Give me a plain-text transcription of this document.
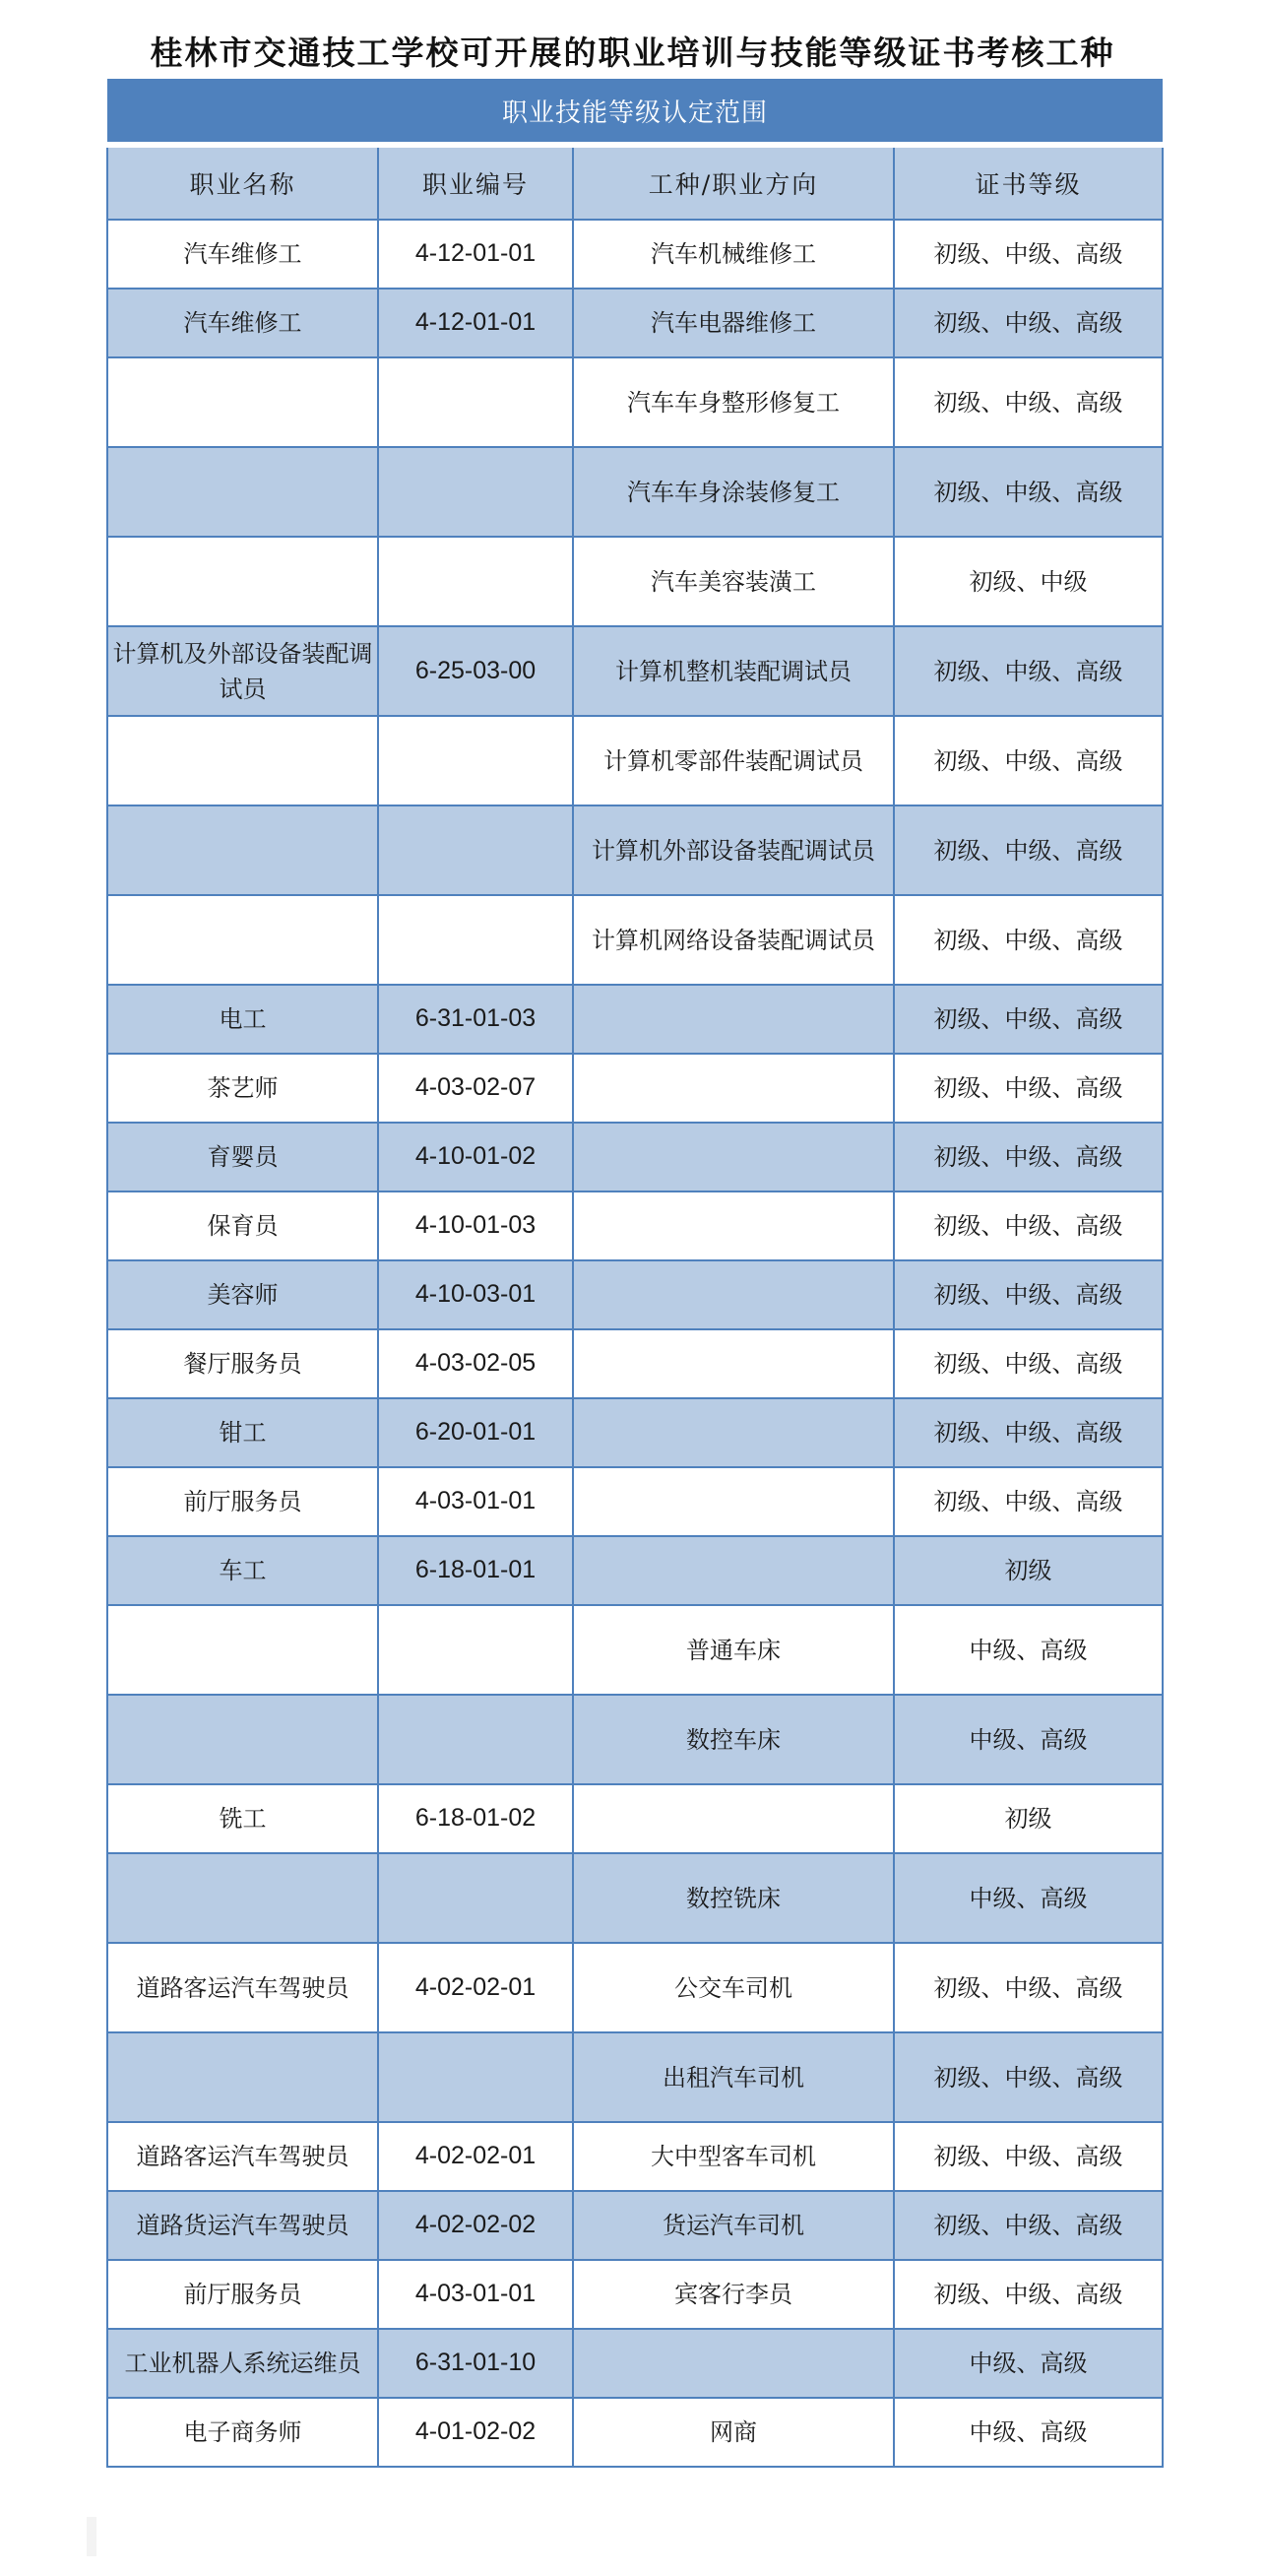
桂林市交通技工学校可开展的职业培训与技能等级证书考核工种
职业技能等级认定范围			
职业名称	职业编号	工种/职业方向	证书等级
汽车维修工	4-12-01-01	汽车机械维修工	初级、中级、高级
汽车维修工	4-12-01-01	汽车电器维修工	初级、中级、高级
		汽车车身整形修复工	初级、中级、高级
		汽车车身涂装修复工	初级、中级、高级
		汽车美容装潢工	初级、中级
计算机及外部设备装配调试员	6-25-03-00	计算机整机装配调试员	初级、中级、高级
		计算机零部件装配调试员	初级、中级、高级
		计算机外部设备装配调试员	初级、中级、高级
		计算机网络设备装配调试员	初级、中级、高级
电工	6-31-01-03		初级、中级、高级
茶艺师	4-03-02-07		初级、中级、高级
育婴员	4-10-01-02		初级、中级、高级
保育员	4-10-01-03		初级、中级、高级
美容师	4-10-03-01		初级、中级、高级
餐厅服务员	4-03-02-05		初级、中级、高级
钳工	6-20-01-01		初级、中级、高级
前厅服务员	4-03-01-01		初级、中级、高级
车工	6-18-01-01		初级
		普通车床	中级、高级
		数控车床	中级、高级
铣工	6-18-01-02		初级
		数控铣床	中级、高级
道路客运汽车驾驶员	4-02-02-01	公交车司机	初级、中级、高级
		出租汽车司机	初级、中级、高级
道路客运汽车驾驶员	4-02-02-01	大中型客车司机	初级、中级、高级
道路货运汽车驾驶员	4-02-02-02	货运汽车司机	初级、中级、高级
前厅服务员	4-03-01-01	宾客行李员	初级、中级、高级
工业机器人系统运维员	6-31-01-10		中级、高级
电子商务师	4-01-02-02	网商	中级、高级
